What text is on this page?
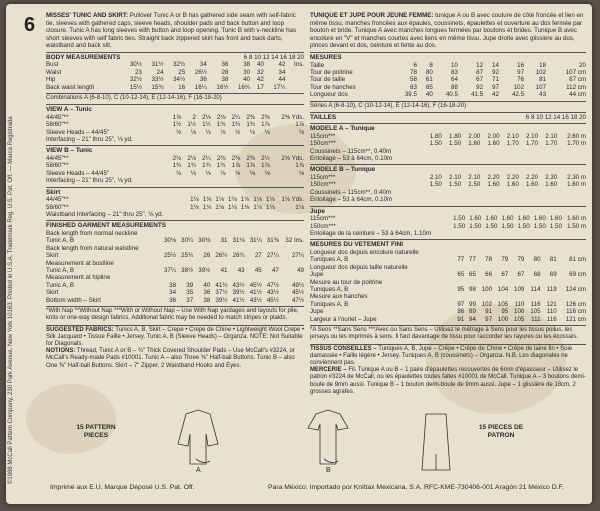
©1988 McCall Pattern Company, 230 Park Avenue, New York 10163. Printed in U.S.A. Trademark Reg. U.S. Pat. Off. — Marca Registrada
6 MISSES' TUNIC AND SKIRT: Pullover Tunic A or B has gathered side seam with self-fabric tie, sleeves with gathered caps, sleeve heads, shoulder pads and back button and loop closure. Tunic A has long sleeves with button and loop opening. Tunic B with v-neckline has short sleeves with self fabric ties. Straight back zippered skirt has front and back darts, waistband and back slit.
BODY MEASUREMENTS	6 8 10 12 14 16 18 20
Bust	30½	31½	32½	34	36	38	40	42	Ins.
Waist	23	24	25	26½	28	30	32	34	
Hip	32½	33½	34½	36	38	40	42	44	
Back waist length	15½	15¾	16	16¼	16½	16¾	17	17¼	
Combinations A (6-8-10), C (10-12-14), E (12-14-16), F (16-18-20)
VIEW A – Tunic
44/45"**	1⅞	2	2⅛	2⅛	2¼	2⅜	2⅜	2⅜ Yds.
58/60"**	1½	1½	1½	1¾	1¾	1¾	1⅞	1⅞
Sleeve Heads – 44/45"	⅛	⅛	⅛	⅛	⅛	⅛	⅛	⅛
Interfacing – 21" thru 25", ⅛ yd.								
VIEW B – Tunic
44/45"**	2⅛	2⅛	2¼	2⅜	2⅜	2⅜	2½	2⅝ Yds.
58/60"**	1¾	1¾	1¾	1¾	1⅞	1⅞	1⅞	1⅞
Sleeve Heads – 44/45"	⅛	⅛	⅛	⅛	⅛	⅛	⅛	⅛
Interfacing – 21" thru 25", ⅛ yd.								
Skirt
44/45"**	1⅛	1⅛	1⅛	1⅛	1⅛	1⅛	1⅛	1⅛ Yds.
58/60"**	1⅛	1⅛	1⅛	1⅛	1⅛	1⅛	1⅛	1⅛
Waistband Interfacing – 21" thru 25", ⅛ yd.								
FINISHED GARMENT MEASUREMENTS
Back length from normal neckline								
Tunic A, B	30⅛	30¼	30⅜	31	31⅛	31¼	31⅜	32 Ins.
Back length from natural waistline								
Skirt	25½	25¾	26	26½	26¾	27	27¼	27¼
Measurement at bustline								
Tunic A, B	37¼	38½	39½	41	43	45	47	49
Measurement at hipline								
Tunic A, B	38	39	40	41½	43½	45½	47½	49½
Skirt	34	35	36	37½	39½	41½	43½	45½
Bottom width – Skirt	36	37	38	39½	41½	43½	45½	47½
*With Nap **Without Nap ***With or Without Nap – Use With Nap yardages and layouts for pile, knits or one-way design fabrics. Additional fabric may be needed to match stripes or plaids.
SUGGESTED FABRICS: Tunics A, B, Skirt – Crepe • Crepe de Chine • Lightweight Wool Crepe • Silk Jacquard • Tissue Faille • Jersey. Tunic A, B (Sleeve Heads) – Organza. NOTE: Not Suitable for Diagonals.
NOTIONS: Thread, Tunic A or B – ¾" Thick Covered Shoulder Pads – Use McCall's #3224, or McCall's Ready-made Pads #10001. Tunic A – also Three ⅜" Half-ball Buttons. Tunic B – also One ⅜" Half-ball Buttons. Skirt – 7" Zipper, 2 Waistband Hooks and Eyes.
TUNIQUE ET JUPE POUR JEUNE FEMME: tunique A ou B avec couture de côté froncée et lien en même tissu, manches froncées aux épaules, coussinets, épaulettes et ouverture au dos fermée par bouton et bride. Tunique A avec manches longues fermées par boutons et brides. Tunique B avec encolure en "V" et manches courtes avec liens en même tissu. Jupe droite avec glissière au dos, pinces devant et dos, ceinture et fente au dos.
MESURES
Taille	6	8	10	12	14	16	18	20
Tour de poitrine	78	80	83	87	92	97	102	107 cm
Tour de taille	58	61	64	67	71	76	81	87 cm
Tour de hanches	83	85	88	92	97	102	107	112 cm
Longueur dos	39.5	40	40.5	41.5	42	42.5	43	44 cm
Séries A (6-8-10), C (10-12-14), E (12-14-16), F (16-18-20)
TAILLES	6 8 10 12 14 16 18 20
MODELE A – Tunique
115cm***	1.80	1.80	2.00	2.00	2.10	2.10	2.10	2.60 m
150cm***	1.50	1.50	1.60	1.60	1.70	1.70	1.70	1.70 m
Coussinets – 115cm**, 0.40m								
Entoilage – 53 à 64cm, 0.10m								
MODELE B – Tunique
115cm***	2.10	2.10	2.10	2.20	2.20	2.20	2.30	2.30 m
150cm***	1.50	1.50	1.50	1.60	1.60	1.60	1.60	1.60 m
Coussinets – 115cm**, 0.40m								
Entoilage – 53 à 64cm, 0.10m								
Jupe
115cm***	1.50	1.60	1.60	1.60	1.60	1.60	1.60	1.60 m
150cm***	1.50	1.50	1.50	1.50	1.50	1.50	1.50	1.50 m
Entoilage de la ceinture – 53 à 64cm, 1.10m								
MESURES DU VETEMENT FINI
Longueur dos depuis encolure naturelle								
Tuniques A, B	77	77	78	79	79	80	81	81 cm
Longueur dos depuis taille naturelle								
Jupe	65	65	66	67	67	68	69	69 cm
Mesure au tour de poitrine								
Tuniques A, B	95	98	100	104	109	114	119	124 cm
Mesure aux hanches								
Tuniques A, B	97	99	102	105	110	116	121	126 cm
Jupe	86	89	91	95	100	105	110	116 cm
Largeur à l'ourlet – Jupe	91	94	97	100	105	111	116	121 cm
*A Sens **Sans Sens ***Avec ou Sans Sens – Utilisez le métrage à Sens pour les tissus poilus, les jerseys ou les imprimés à sens. Il faut davantage de tissu pour raccorder les rayures ou les écossais.
TISSUS CONSEILLES – Tuniques A, B, Jupe – Crêpe • Crêpe de Chine • Crêpe de laine fin • Soie damassée • Faille légère • Jersey. Tuniques A, B (coussinets) – Organza. N.B. Les diagonales ne conviennent pas.
MERCERIE – Fil. Tunique A ou B – 1 paire d'épaulettes recouvertes de 6mm d'épaisseur – Utilisez le patron #3224 de McCall, ou les épaulettes toutes faites #10001 de McCall. Tunique A – 3 boutons demi-boule de 9mm aussi. Tunique B – 1 bouton demi-boule de 9mm aussi. Jupe – 1 glissière de 18cm, 2 grosses agrafes.
15 PATTERN PIECES
15 PIECES DE PATRON
A	B
Imprimé aux E.U. Marque Déposé U.S. Pat. Off.	Para México: Importado por Knittax Mexicana, S.A. RFC-KME-730406-001 Aragón 21 México D.F.
